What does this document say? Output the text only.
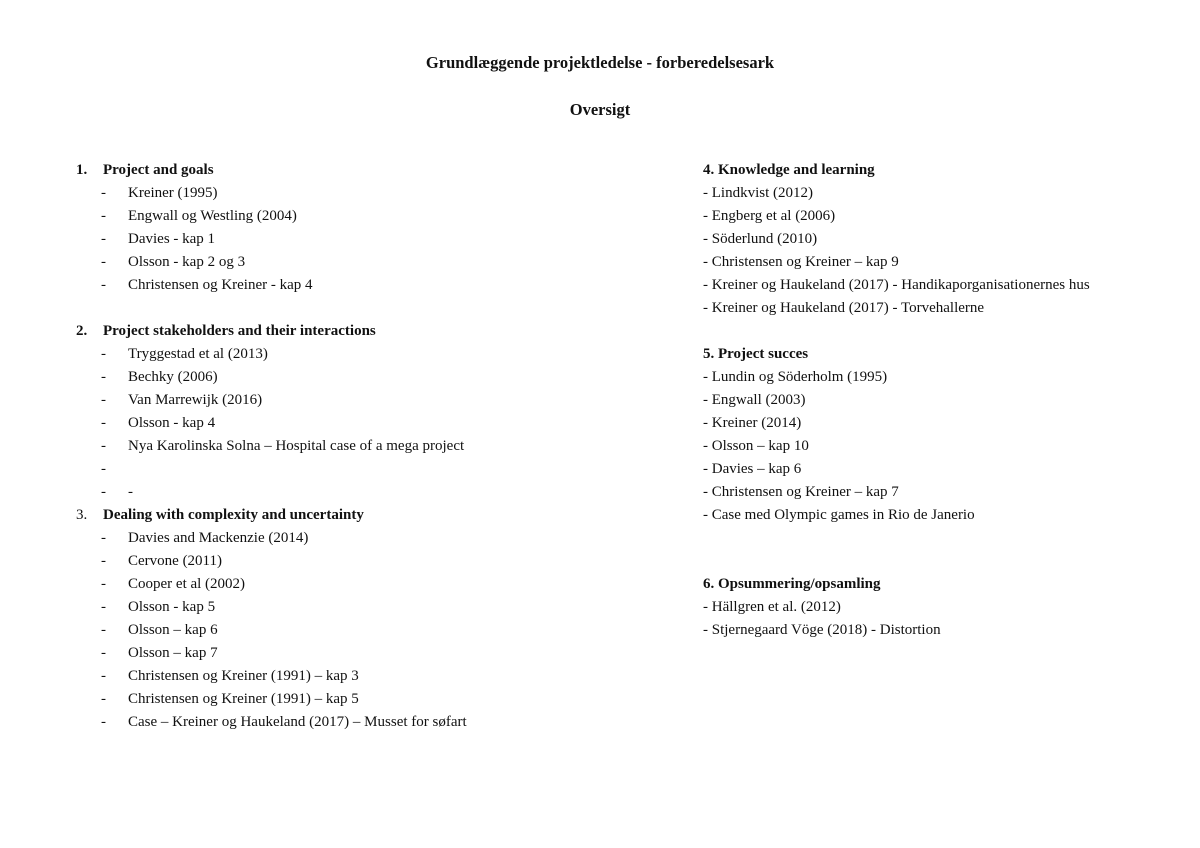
Grundlæggende projektledelse - forberedelsesark
Oversigt
1. Project and goals
- Kreiner (1995)
- Engwall og Westling (2004)
- Davies - kap 1
- Olsson - kap 2 og 3
- Christensen og Kreiner - kap 4
2. Project stakeholders and their interactions
- Tryggestad et al (2013)
- Bechky (2006)
- Van Marrewijk (2016)
- Olsson - kap 4
- Nya Karolinska Solna – Hospital case of a mega project
-
- -
3. Dealing with complexity and uncertainty
- Davies and Mackenzie (2014)
- Cervone (2011)
- Cooper et al (2002)
- Olsson - kap 5
- Olsson – kap 6
- Olsson – kap 7
- Christensen og Kreiner (1991) – kap 3
- Christensen og Kreiner (1991) – kap 5
- Case – Kreiner og Haukeland (2017) – Musset for søfart
4. Knowledge and learning
- Lindkvist (2012)
- Engberg et al (2006)
- Söderlund (2010)
- Christensen og Kreiner – kap 9
- Kreiner og Haukeland (2017) - Handikaporganisationernes hus
- Kreiner og Haukeland (2017) - Torvehallerne
5. Project succes
- Lundin og Söderholm (1995)
- Engwall (2003)
- Kreiner (2014)
- Olsson – kap 10
- Davies – kap 6
- Christensen og Kreiner – kap 7
- Case med Olympic games in Rio de Janerio
6. Opsummering/opsamling
- Hällgren et al. (2012)
- Stjernegaard Vöge (2018) - Distortion
